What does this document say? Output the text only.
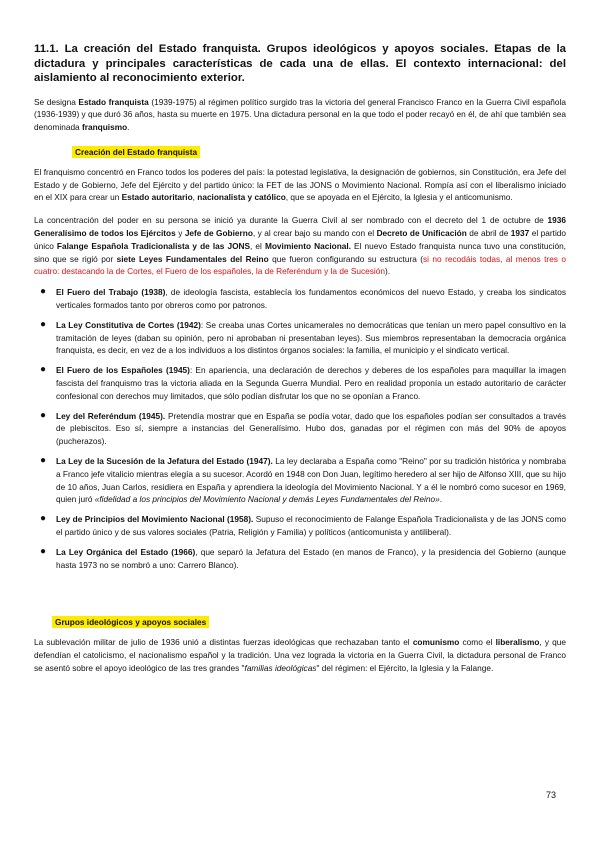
11.1. La creación del Estado franquista. Grupos ideológicos y apoyos sociales. Etapas de la dictadura y principales características de cada una de ellas. El contexto internacional: del aislamiento al reconocimiento exterior.

Se designa Estado franquista (1939-1975) al régimen político surgido tras la victoria del general Francisco Franco en la Guerra Civil española (1936-1939) y que duró 36 años, hasta su muerte en 1975. Una dictadura personal en la que todo el poder recayó en él, de ahí que también sea denominada franquismo.

Creación del Estado franquista

El franquismo concentró en Franco todos los poderes del país: la potestad legislativa, la designación de gobiernos, sin Constitución, era Jefe del Estado y de Gobierno, Jefe del Ejército y del partido único: la FET de las JONS o Movimiento Nacional. Rompía así con el liberalismo iniciado en el XIX para crear un Estado autoritario, nacionalista y católico, que se apoyada en el Ejército, la Iglesia y el anticomunismo.

La concentración del poder en su persona se inició ya durante la Guerra Civil al ser nombrado con el decreto del 1 de octubre de 1936 Generalísimo de todos los Ejércitos y Jefe de Gobierno, y al crear bajo su mando con el Decreto de Unificación de abril de 1937 el partido único Falange Española Tradicionalista y de las JONS, el Movimiento Nacional. El nuevo Estado franquista nunca tuvo una constitución, sino que se rigió por siete Leyes Fundamentales del Reino que fueron configurando su estructura (si no recodáis todas, al menos tres o cuatro: destacando la de Cortes, el Fuero de los españoles, la de Referéndum y la de Sucesión).

● El Fuero del Trabajo (1938), de ideología fascista, establecía los fundamentos económicos del nuevo Estado, y creaba los sindicatos verticales formados tanto por obreros como por patronos.
● La Ley Constitutiva de Cortes (1942): Se creaba unas Cortes unicamerales no democráticas que tenían un mero papel consultivo en la tramitación de leyes (daban su opinión, pero ni aprobaban ni presentaban leyes). Sus miembros representaban la democracia orgánica franquista, es decir, en vez de a los individuos a los distintos órganos sociales: la familia, el municipio y el sindicato vertical.
● El Fuero de los Españoles (1945): En apariencia, una declaración de derechos y deberes de los españoles para maquillar la imagen fascista del franquismo tras la victoria aliada en la Segunda Guerra Mundial. Pero en realidad proponía un estado autoritario de carácter confesional con derechos muy limitados, que sólo podían disfrutar los que no se oponían a Franco.
● Ley del Referéndum (1945). Pretendía mostrar que en España se podía votar, dado que los españoles podían ser consultados a través de plebiscitos. Eso sí, siempre a instancias del Generalísimo. Hubo dos, ganadas por el régimen con más del 90% de apoyos (pucherazos).
● La Ley de la Sucesión de la Jefatura del Estado (1947). La ley declaraba a España como "Reino" por su tradición histórica y nombraba a Franco jefe vitalicio mientras elegía a su sucesor. Acordó en 1948 con Don Juan, legítimo heredero al ser hijo de Alfonso XIII, que su hijo de 10 años, Juan Carlos, residiera en España y aprendiera la ideología del Movimiento Nacional. Y a él le nombró como sucesor en 1969, quien juró «fidelidad a los principios del Movimiento Nacional y demás Leyes Fundamentales del Reino».
● Ley de Principios del Movimiento Nacional (1958). Supuso el reconocimiento de Falange Española Tradicionalista y de las JONS como el partido único y de sus valores sociales (Patria, Religión y Familia) y políticos (anticomunista y antiliberal).
● La Ley Orgánica del Estado (1966), que separó la Jefatura del Estado (en manos de Franco), y la presidencia del Gobierno (aunque hasta 1973 no se nombró a uno: Carrero Blanco).
Grupos ideológicos y apoyos sociales

La sublevación militar de julio de 1936 unió a distintas fuerzas ideológicas que rechazaban tanto el comunismo como el liberalismo, y que defendían el catolicismo, el nacionalismo español y la tradición. Una vez lograda la victoria en la Guerra Civil, la dictadura personal de Franco se asentó sobre el apoyo ideológico de las tres grandes "familias ideológicas" del régimen: el Ejército, la Iglesia y la Falange.

73
